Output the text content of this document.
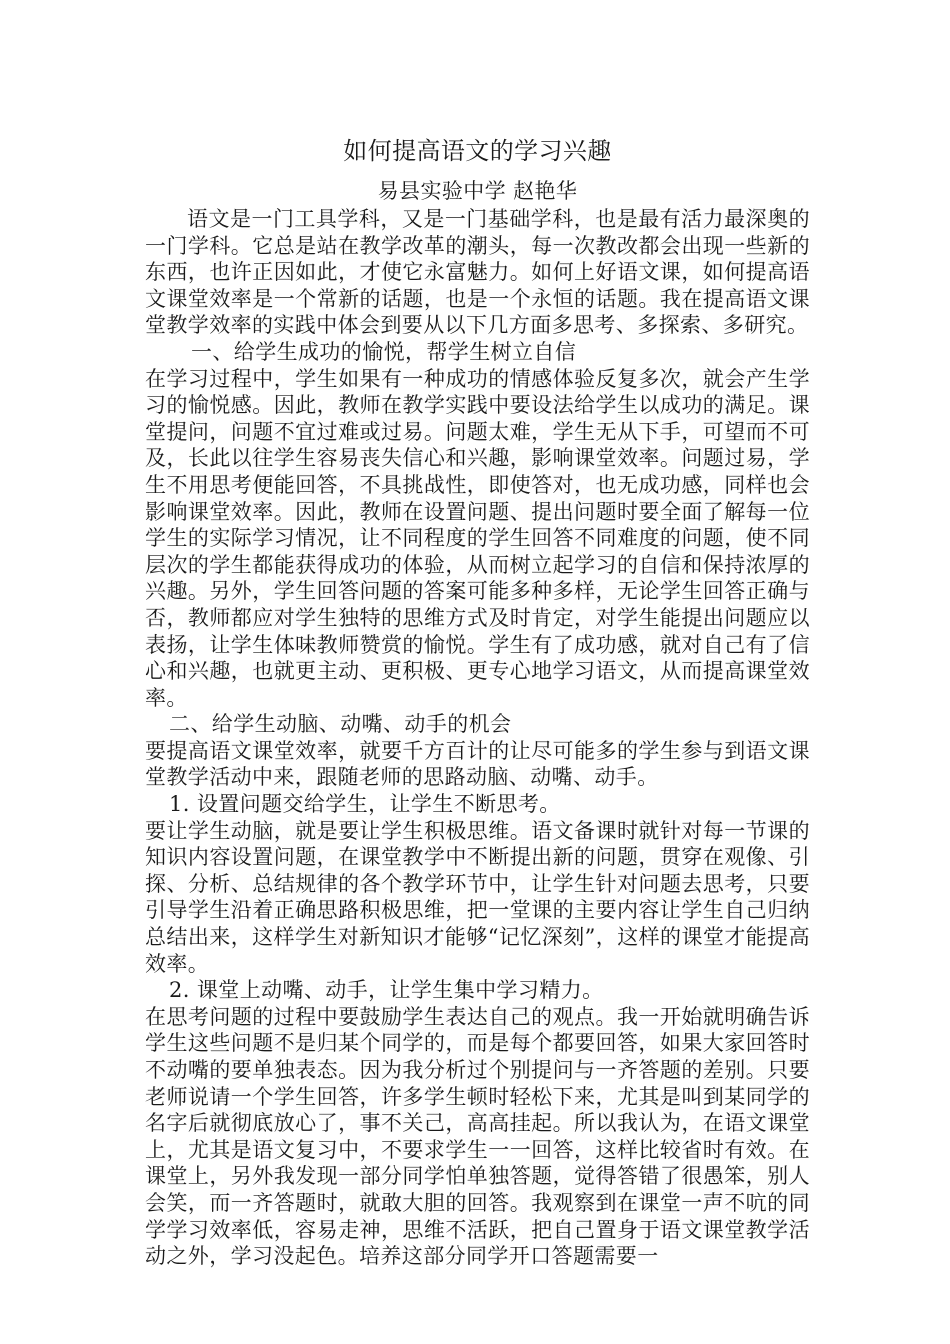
如何提高语文的学习兴趣

易县实验中学 赵艳华

语文是一门工具学科，又是一门基础学科，也是最有活力最深奥的一门学科。它总是站在教学改革的潮头，每一次教改都会出现一些新的东西，也许正因如此，才使它永富魅力。如何上好语文课，如何提高语文课堂效率是一个常新的话题，也是一个永恒的话题。我在提高语文课堂教学效率的实践中体会到要从以下几方面多思考、多探索、多研究。

一、给学生成功的愉悦，帮学生树立自信

在学习过程中，学生如果有一种成功的情感体验反复多次，就会产生学习的愉悦感。因此，教师在教学实践中要设法给学生以成功的满足。课堂提问，问题不宜过难或过易。问题太难，学生无从下手，可望而不可及，长此以往学生容易丧失信心和兴趣，影响课堂效率。问题过易，学生不用思考便能回答，不具挑战性，即使答对，也无成功感，同样也会影响课堂效率。因此，教师在设置问题、提出问题时要全面了解每一位学生的实际学习情况，让不同程度的学生回答不同难度的问题，使不同层次的学生都能获得成功的体验，从而树立起学习的自信和保持浓厚的兴趣。另外，学生回答问题的答案可能多种多样，无论学生回答正确与否，教师都应对学生独特的思维方式及时肯定，对学生能提出问题应以表扬，让学生体味教师赞赏的愉悦。学生有了成功感，就对自己有了信心和兴趣，也就更主动、更积极、更专心地学习语文，从而提高课堂效率。

二、给学生动脑、动嘴、动手的机会

要提高语文课堂效率，就要千方百计的让尽可能多的学生参与到语文课堂教学活动中来，跟随老师的思路动脑、动嘴、动手。

1. 设置问题交给学生，让学生不断思考。

要让学生动脑，就是要让学生积极思维。语文备课时就针对每一节课的知识内容设置问题，在课堂教学中不断提出新的问题，贯穿在观像、引探、分析、总结规律的各个教学环节中，让学生针对问题去思考，只要引导学生沿着正确思路积极思维，把一堂课的主要内容让学生自己归纳总结出来，这样学生对新知识才能够“记忆深刻”，这样的课堂才能提高效率。

2. 课堂上动嘴、动手，让学生集中学习精力。

在思考问题的过程中要鼓励学生表达自己的观点。我一开始就明确告诉学生这些问题不是归某个同学的，而是每个都要回答，如果大家回答时不动嘴的要单独表态。因为我分析过个别提问与一齐答题的差别。只要老师说请一个学生回答，许多学生顿时轻松下来，尤其是叫到某同学的名字后就彻底放心了，事不关己，高高挂起。所以我认为，在语文课堂上，尤其是语文复习中，不要求学生一一回答，这样比较省时有效。在课堂上，另外我发现一部分同学怕单独答题，觉得答错了很愚笨，别人会笑，而一齐答题时，就敢大胆的回答。我观察到在课堂一声不吭的同学学习效率低，容易走神，思维不活跃，把自己置身于语文课堂教学活动之外，学习没起色。培养这部分同学开口答题需要一
